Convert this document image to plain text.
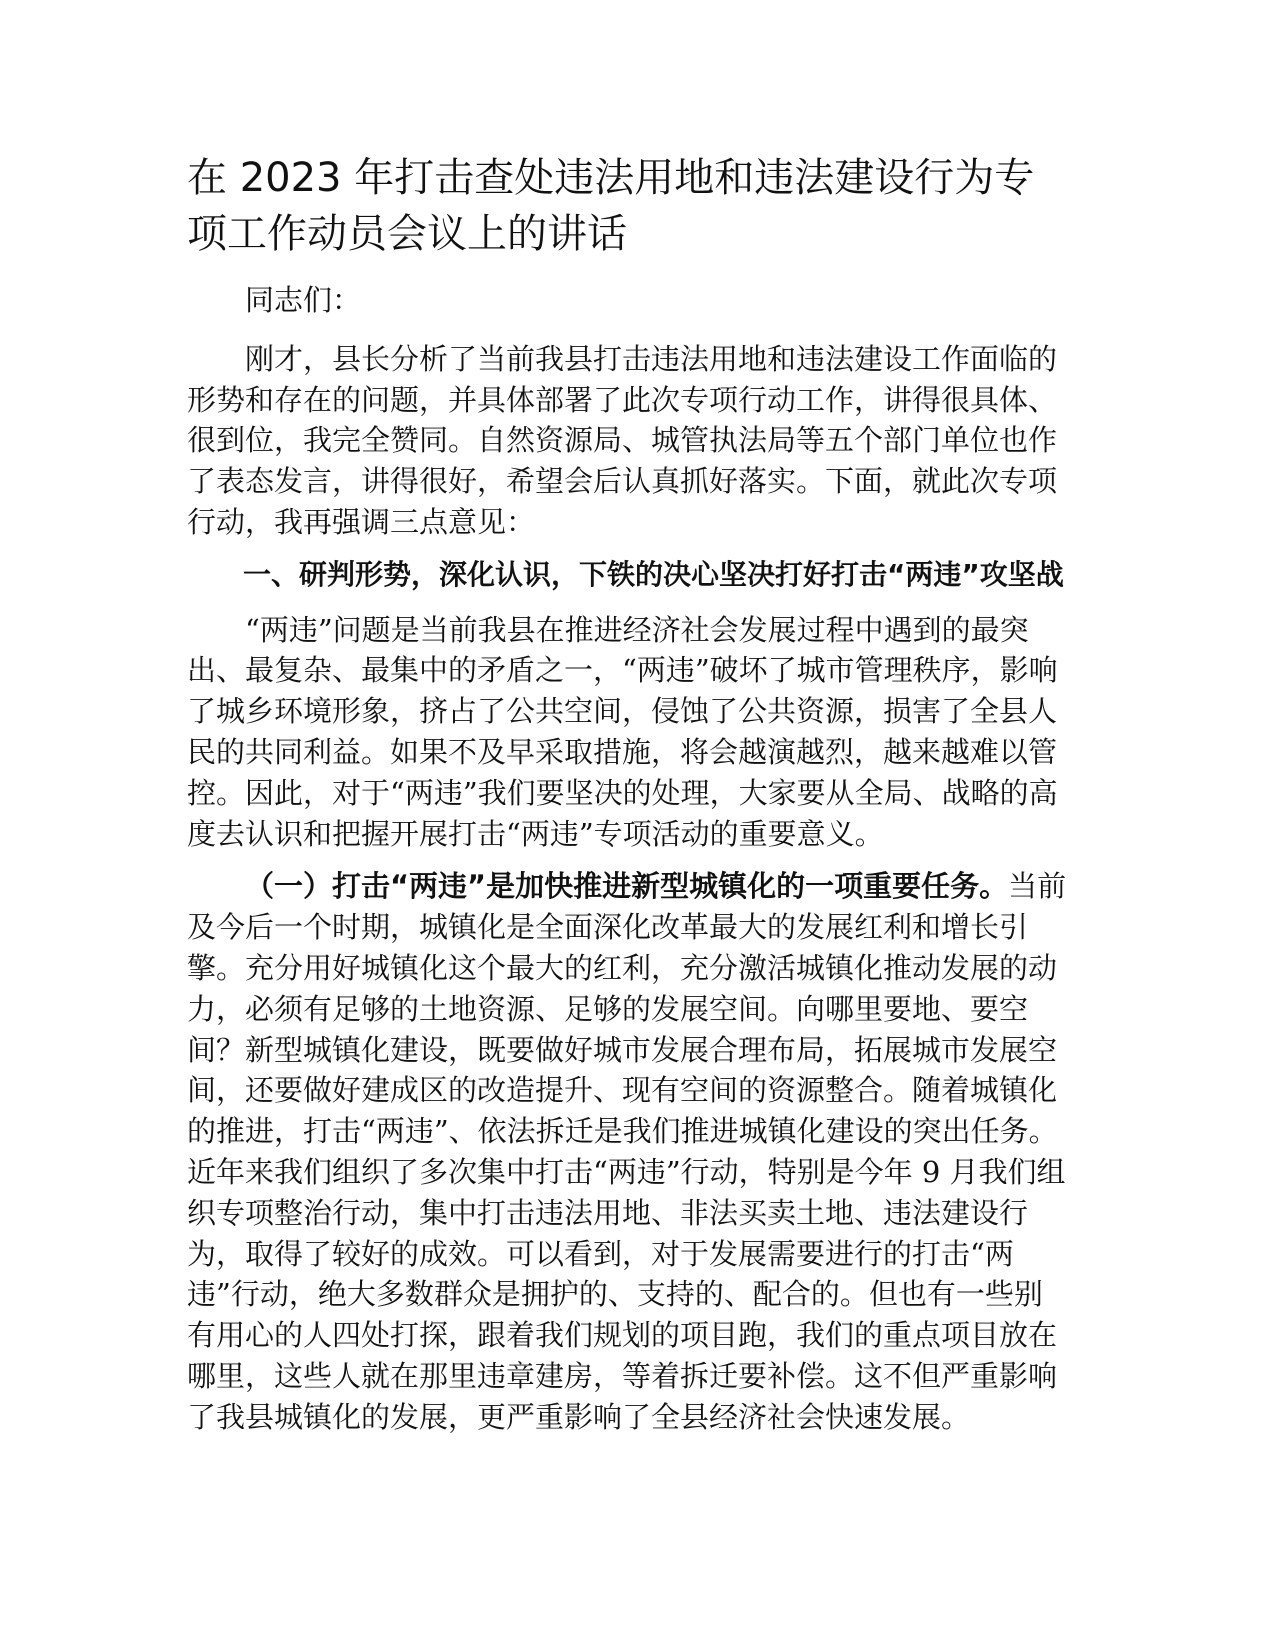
在 2023 年打击查处违法用地和违法建设行为专项工作动员会议上的讲话

同志们：

刚才，县长分析了当前我县打击违法用地和违法建设工作面临的形势和存在的问题，并具体部署了此次专项行动工作，讲得很具体、很到位，我完全赞同。自然资源局、城管执法局等五个部门单位也作了表态发言，讲得很好，希望会后认真抓好落实。下面，就此次专项行动，我再强调三点意见：

一、研判形势，深化认识，下铁的决心坚决打好打击“两违”攻坚战

“两违”问题是当前我县在推进经济社会发展过程中遇到的最突出、最复杂、最集中的矛盾之一，“两违”破坏了城市管理秩序，影响了城乡环境形象，挤占了公共空间，侵蚀了公共资源，损害了全县人民的共同利益。如果不及早采取措施，将会越演越烈，越来越难以管控。因此，对于“两违”我们要坚决的处理，大家要从全局、战略的高度去认识和把握开展打击“两违”专项活动的重要意义。

（一）打击“两违”是加快推进新型城镇化的一项重要任务。当前及今后一个时期，城镇化是全面深化改革最大的发展红利和增长引擎。充分用好城镇化这个最大的红利，充分激活城镇化推动发展的动力，必须有足够的土地资源、足够的发展空间。向哪里要地、要空间？新型城镇化建设，既要做好城市发展合理布局，拓展城市发展空间，还要做好建成区的改造提升、现有空间的资源整合。随着城镇化的推进，打击“两违”、依法拆迁是我们推进城镇化建设的突出任务。近年来我们组织了多次集中打击“两违”行动，特别是今年 9 月我们组织专项整治行动，集中打击违法用地、非法买卖土地、违法建设行为，取得了较好的成效。可以看到，对于发展需要进行的打击“两违”行动，绝大多数群众是拥护的、支持的、配合的。但也有一些别有用心的人四处打探，跟着我们规划的项目跑，我们的重点项目放在哪里，这些人就在那里违章建房，等着拆迁要补偿。这不但严重影响了我县城镇化的发展，更严重影响了全县经济社会快速发展。
